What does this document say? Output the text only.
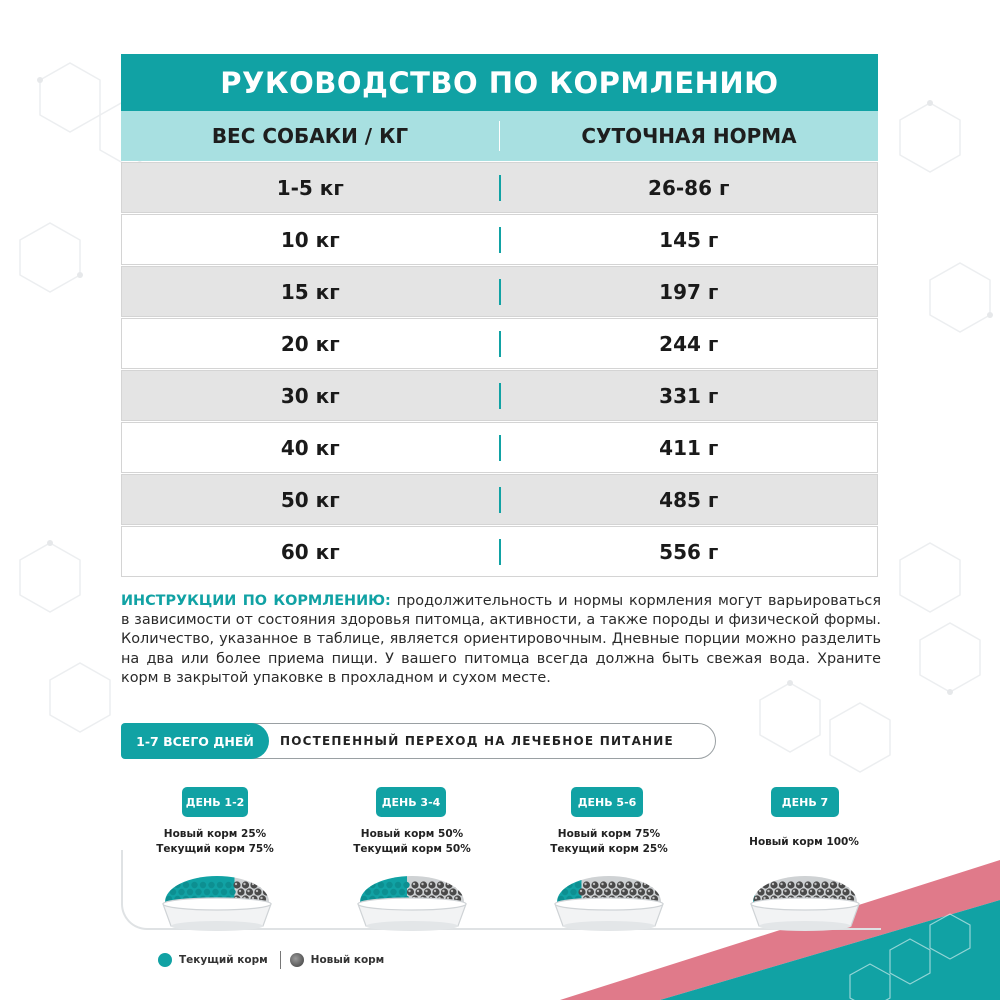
РУКОВОДСТВО ПО КОРМЛЕНИЮ
ВЕС СОБАКИ / КГ	СУТОЧНАЯ НОРМА
1-5 кг	26-86 г
10 кг	145 г
15 кг	197 г
20 кг	244 г
30 кг	331 г
40 кг	411 г
50 кг	485 г
60 кг	556 г

ИНСТРУКЦИИ ПО КОРМЛЕНИЮ: продолжительность и нормы кормления могут варьироваться в зависимости от состояния здоровья питомца, активности, а также породы и физической формы. Количество, указанное в таблице, является ориентировочным. Дневные порции можно разделить на два или более приема пищи. У вашего питомца всегда должна быть свежая вода. Храните корм в закрытой упаковке в прохладном и сухом месте.

ПОСТЕПЕННЫЙ ПЕРЕХОД НА ЛЕЧЕБНОЕ ПИТАНИЕ
1-7 ВСЕГО ДНЕЙ
ДЕНЬ 1-2
Новый корм 25%
Текущий корм 75%
ДЕНЬ 3-4
Новый корм 50%
Текущий корм 50%
ДЕНЬ 5-6
Новый корм 75%
Текущий корм 25%
ДЕНЬ 7
Новый корм 100%
Текущий корм	Новый корм
